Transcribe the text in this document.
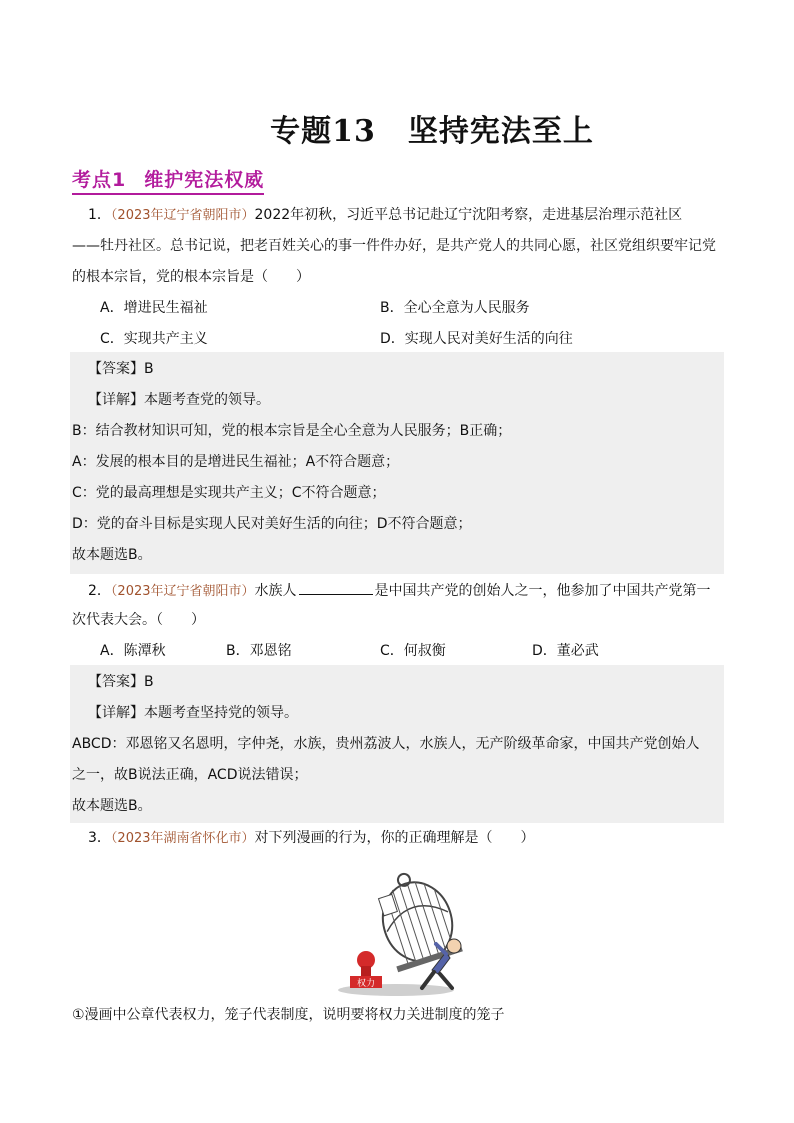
专题13 坚持宪法至上
考点1 维护宪法权威
1．（2023年辽宁省朝阳市）2022年初秋，习近平总书记赴辽宁沈阳考察，走进基层治理示范社区
——牡丹社区。总书记说，把老百姓关心的事一件件办好，是共产党人的共同心愿，社区党组织要牢记党
的根本宗旨，党的根本宗旨是（　　）
A．增进民生福祉	B．全心全意为人民服务
C．实现共产主义	D．实现人民对美好生活的向往
【答案】B
【详解】本题考查党的领导。
B：结合教材知识可知，党的根本宗旨是全心全意为人民服务；B正确；
A：发展的根本目的是增进民生福祉；A不符合题意；
C：党的最高理想是实现共产主义；C不符合题意；
D：党的奋斗目标是实现人民对美好生活的向往；D不符合题意；
故本题选B。
2．（2023年辽宁省朝阳市）水族人	是中国共产党的创始人之一，他参加了中国共产党第一
次代表大会。（　　）
A．陈潭秋	B．邓恩铭	C．何叔衡	D．董必武
【答案】B
【详解】本题考查坚持党的领导。
ABCD：邓恩铭又名恩明，字仲尧，水族，贵州荔波人，水族人，无产阶级革命家，中国共产党创始人
之一，故B说法正确，ACD说法错误；
故本题选B。
3．（2023年湖南省怀化市）对下列漫画的行为，你的正确理解是（　　）
权力
①漫画中公章代表权力，笼子代表制度，说明要将权力关进制度的笼子
